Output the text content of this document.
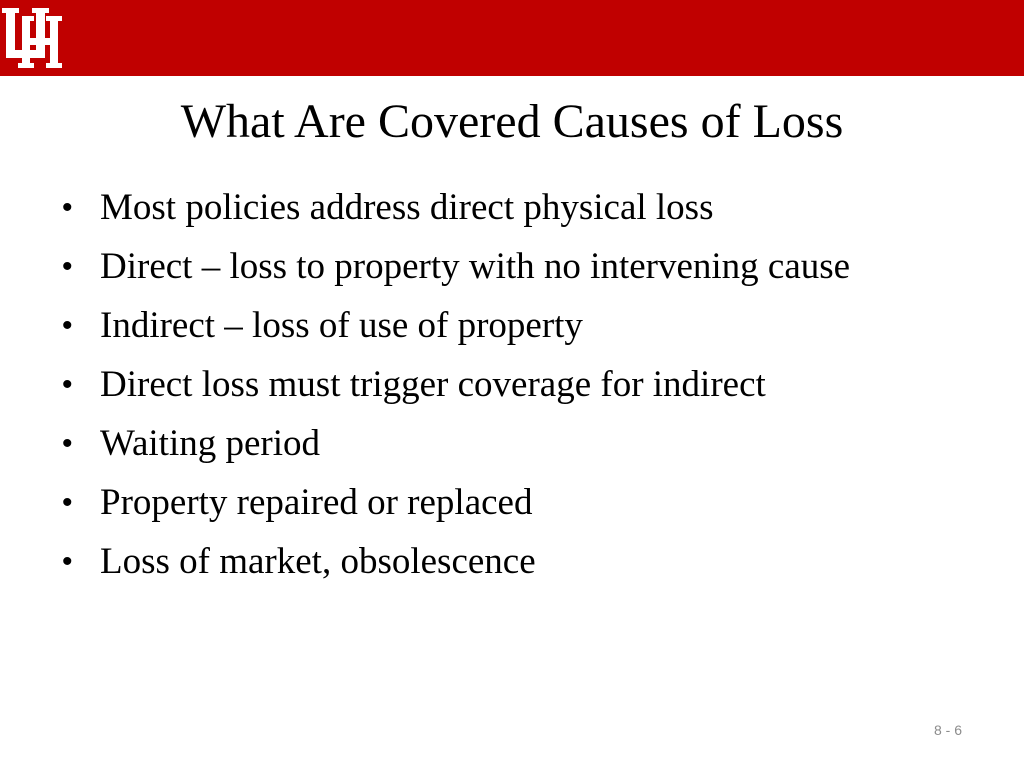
What Are Covered Causes of Loss
• Most policies address direct physical loss
• Direct – loss to property with no intervening cause
• Indirect – loss of use of property
• Direct loss must trigger coverage for indirect
• Waiting period
• Property repaired or replaced
• Loss of market, obsolescence
8 - 6
